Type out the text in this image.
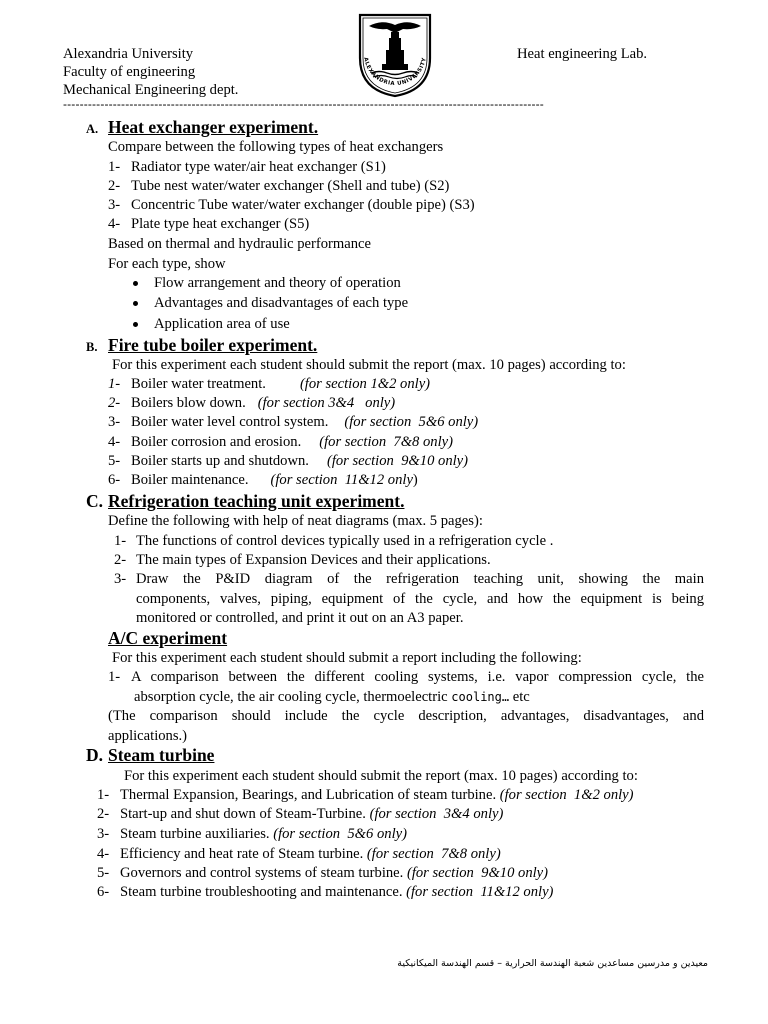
ALEXANDRIA UNIVERSITY
Alexandria University
Faculty of engineering
Mechanical Engineering dept.
Heat engineering Lab.
--------------------------------------------------------------------------------------------------------------------
A. Heat exchanger experiment.
Compare between the following types of heat exchangers
1- Radiator type water/air heat exchanger (S1)
2- Tube nest water/water exchanger (Shell and tube) (S2)
3- Concentric Tube water/water exchanger (double pipe) (S3)
4- Plate type heat exchanger (S5)
Based on thermal and hydraulic performance
For each type, show
Flow arrangement and theory of operation
Advantages and disadvantages of each type
Application area of use
B. Fire tube boiler experiment.
For this experiment each student should submit the report (max. 10 pages) according to:
1- Boiler water treatment. (for section 1&2 only)
2- Boilers blow down. (for section 3&4   only)
3- Boiler water level control system. (for section  5&6 only)
4- Boiler corrosion and erosion. (for section  7&8 only)
5- Boiler starts up and shutdown. (for section  9&10 only)
6- Boiler maintenance. (for section  11&12 only)
C. Refrigeration teaching unit experiment.
Define the following with help of neat diagrams (max. 5 pages):
1- The functions of control devices typically used in a refrigeration cycle .
2- The main types of Expansion Devices and their applications.
3- Draw the P&ID diagram of the refrigeration teaching unit, showing the main
components, valves, piping, equipment of the cycle, and how the equipment is being
monitored or controlled, and print it out on an A3 paper.
A/C experiment
For this experiment each student should submit a report including the following:
1- A comparison between the different cooling systems, i.e. vapor compression cycle, the
absorption cycle, the air cooling cycle, thermoelectric cooling… etc
(The comparison should include the cycle description, advantages, disadvantages, and
applications.)
D. Steam turbine
For this experiment each student should submit the report (max. 10 pages) according to:
1- Thermal Expansion, Bearings, and Lubrication of steam turbine. (for section  1&2 only)
2- Start-up and shut down of Steam-Turbine. (for section  3&4 only)
3- Steam turbine auxiliaries. (for section  5&6 only)
4- Efficiency and heat rate of Steam turbine. (for section  7&8 only)
5- Governors and control systems of steam turbine. (for section  9&10 only)
6- Steam turbine troubleshooting and maintenance. (for section  11&12 only)
معيدين و مدرسين مساعدين شعبة الهندسة الحرارية – قسم الهندسة الميكانيكية
